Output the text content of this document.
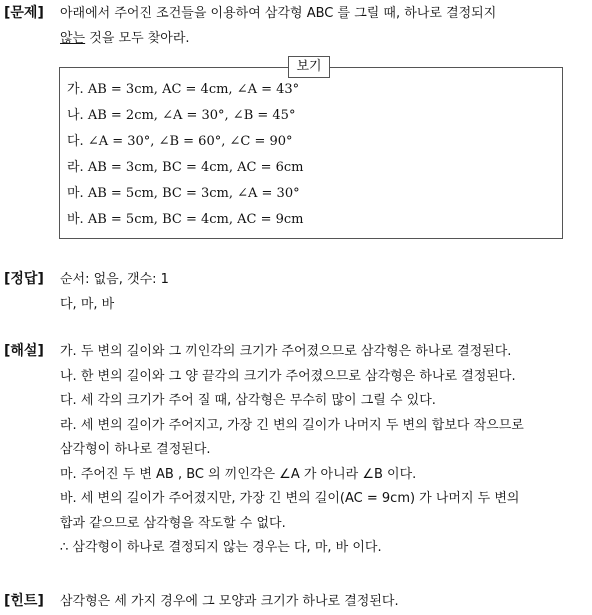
[문제] 아래에서 주어진 조건들을 이용하여 삼각형 ABC 를 그릴 때, 하나로 결정되지
않는 것을 모두 찾아라.
보기
가. AB = 3cm, AC = 4cm, ∠A = 43°
나. AB = 2cm, ∠A = 30°, ∠B = 45°
다. ∠A = 30°, ∠B = 60°, ∠C = 90°
라. AB = 3cm, BC = 4cm, AC = 6cm
마. AB = 5cm, BC = 3cm, ∠A = 30°
바. AB = 5cm, BC = 4cm, AC = 9cm
[정답] 순서: 없음, 갯수: 1
다, 마, 바
[해설] 가. 두 변의 길이와 그 끼인각의 크기가 주어졌으므로 삼각형은 하나로 결정된다.
나. 한 변의 길이와 그 양 끝각의 크기가 주어졌으므로 삼각형은 하나로 결정된다.
다. 세 각의 크기가 주어 질 때, 삼각형은 무수히 많이 그릴 수 있다.
라. 세 변의 길이가 주어지고, 가장 긴 변의 길이가 나머지 두 변의 합보다 작으므로
삼각형이 하나로 결정된다.
마. 주어진 두 변 AB , BC 의 끼인각은 ∠A 가 아니라 ∠B 이다.
바. 세 변의 길이가 주어졌지만, 가장 긴 변의 길이(AC = 9cm) 가 나머지 두 변의
합과 같으므로 삼각형을 작도할 수 없다.
∴ 삼각형이 하나로 결정되지 않는 경우는 다, 마, 바 이다.
[힌트] 삼각형은 세 가지 경우에 그 모양과 크기가 하나로 결정된다.
